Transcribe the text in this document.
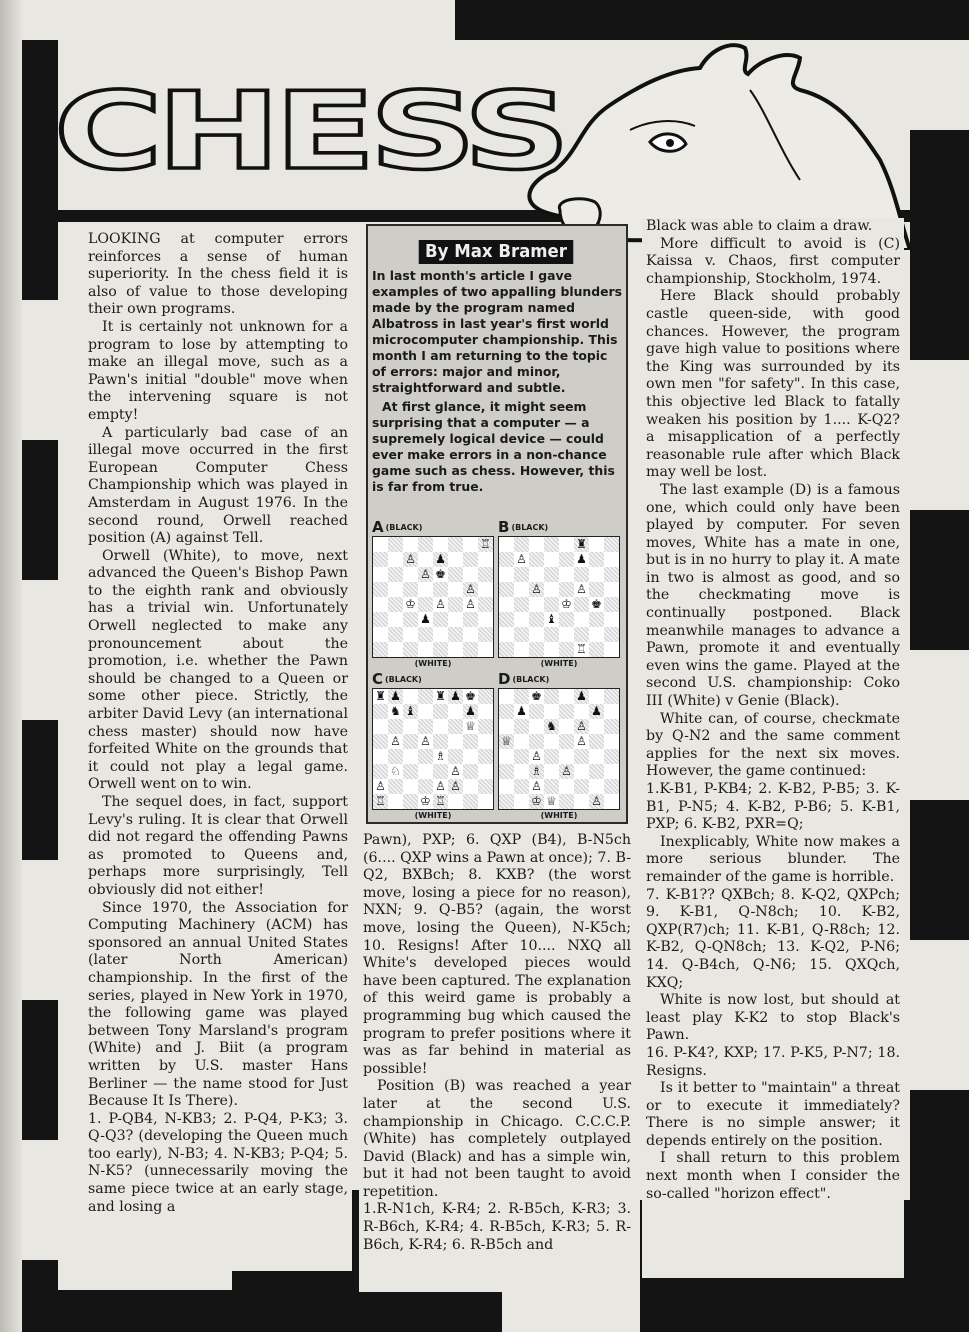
CHESS

LOOKING at computer errors reinforces a sense of human superiority. In the chess field it is also of value to those developing their own programs.

It is certainly not unknown for a program to lose by attempting to make an illegal move, such as a Pawn's initial "double" move when the intervening square is not empty!

A particularly bad case of an illegal move occurred in the first European Computer Chess Championship which was played in Amsterdam in August 1976. In the second round, Orwell reached position (A) against Tell.

Orwell (White), to move, next advanced the Queen's Bishop Pawn to the eighth rank and obviously has a trivial win. Unfortunately Orwell neglected to make any pronouncement about the promotion, i.e. whether the Pawn should be changed to a Queen or some other piece. Strictly, the arbiter David Levy (an international chess master) should now have forfeited White on the grounds that it could not play a legal game. Orwell went on to win.

The sequel does, in fact, support Levy's ruling. It is clear that Orwell did not regard the offending Pawns as promoted to Queens and, perhaps more surprisingly, Tell obviously did not either!

Since 1970, the Association for Computing Machinery (ACM) has sponsored an annual United States (later North American) championship. In the first of the series, played in New York in 1970, the following game was played between Tony Marsland's program (White) and J. Biit (a program written by U.S. master Hans Berliner — the name stood for Just Because It Is There).

1. P-QB4, N-KB3; 2. P-Q4, P-K3; 3. Q-Q3? (developing the Queen much too early), N-B3; 4. N-KB3; P-Q4; 5. N-K5? (unnecessarily moving the same piece twice at an early stage, and losing a

By Max Bramer

In last month's article I gave examples of two appalling blunders made by the program named Albatross in last year's first world microcomputer championship. This month I am returning to the topic of errors: major and minor, straightforward and subtle.

At first glance, it might seem surprising that a computer — a supremely logical device — could ever make errors in a non-chance game such as chess. However, this is far from true.

A (BLACK)
♖
♙ ♟
♙ ♚
♙
♔ ♙ ♙
♟
(WHITE)
B (BLACK)
♜
♙	♟
♙	♙
♔ ♚
♝
♖
(WHITE)
C (BLACK)
♜ ♟	♜ ♟ ♚
♞ ♝	♟
♕
♙ ♙
♗
♘	♙
♙	♙ ♙
♖	♔ ♖
(WHITE)
D (BLACK)
♚	♟
♟	♟
♞ ♙
♕	♙
♙
♗ ♙
♙
♔ ♕	♙
(WHITE)

Pawn), PXP; 6. QXP (B4), B-N5ch (6.... QXP wins a Pawn at once); 7. B-Q2, BXBch; 8. KXB? (the worst move, losing a piece for no reason), NXN; 9. Q-B5? (again, the worst move, losing the Queen), N-K5ch; 10. Resigns! After 10.... NXQ all White's developed pieces would have been captured. The explanation of this weird game is probably a programming bug which caused the program to prefer positions where it was as far behind in material as possible!

Position (B) was reached a year later at the second U.S. championship in Chicago. C.C.C.P. (White) has completely outplayed David (Black) and has a simple win, but it had not been taught to avoid repetition.

1.R-N1ch, K-R4; 2. R-B5ch, K-R3; 3. R-B6ch, K-R4; 4. R-B5ch, K-R3; 5. R-B6ch, K-R4; 6. R-B5ch and

Black was able to claim a draw.

More difficult to avoid is (C) Kaissa v. Chaos, first computer championship, Stockholm, 1974.

Here Black should probably castle queen-side, with good chances. However, the program gave high value to positions where the King was surrounded by its own men "for safety". In this case, this objective led Black to fatally weaken his position by 1.... K-Q2? a misapplication of a perfectly reasonable rule after which Black may well be lost.

The last example (D) is a famous one, which could only have been played by computer. For seven moves, White has a mate in one, but is in no hurry to play it. A mate in two is almost as good, and so the checkmating move is continually postponed. Black meanwhile manages to advance a Pawn, promote it and eventually even wins the game. Played at the second U.S. championship: Coko III (White) v Genie (Black).

White can, of course, checkmate by Q-N2 and the same comment applies for the next six moves. However, the game continued:

1.K-B1, P-KB4; 2. K-B2, P-B5; 3. K-B1, P-N5; 4. K-B2, P-B6; 5. K-B1, PXP; 6. K-B2, PXR=Q;

Inexplicably, White now makes a more serious blunder. The remainder of the game is horrible.

7. K-B1?? QXBch; 8. K-Q2, QXPch; 9. K-B1, Q-N8ch; 10. K-B2, QXP(R7)ch; 11. K-B1, Q-R8ch; 12. K-B2, Q-QN8ch; 13. K-Q2, P-N6; 14. Q-B4ch, Q-N6; 15. QXQch, KXQ;

White is now lost, but should at least play K-K2 to stop Black's Pawn.

16. P-K4?, KXP; 17. P-K5, P-N7; 18. Resigns.

Is it better to "maintain" a threat or to execute it immediately? There is no simple answer; it depends entirely on the position.

I shall return to this problem next month when I consider the so-called "horizon effect".
